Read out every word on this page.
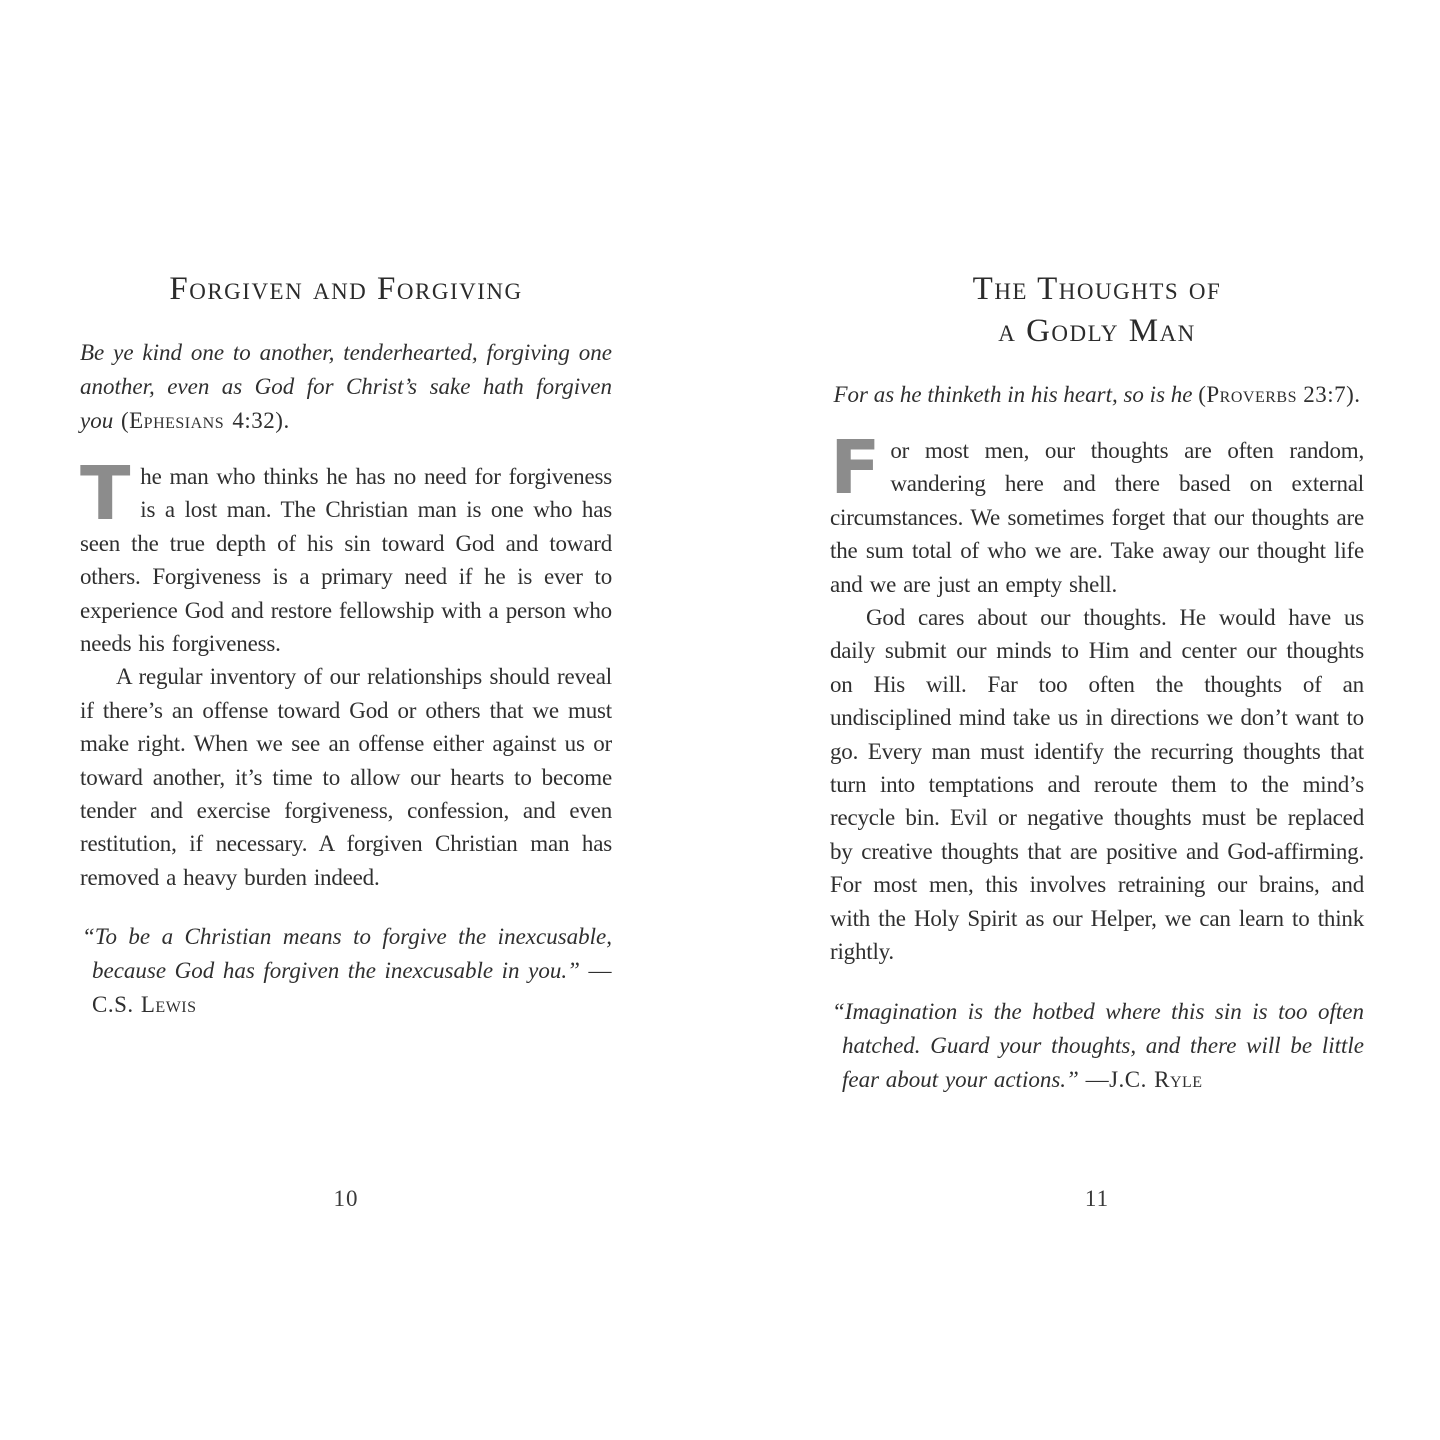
Forgiven and Forgiving

Be ye kind one to another, tenderhearted, forgiving one another, even as God for Christ’s sake hath forgiven you (Ephesians 4:32).

The man who thinks he has no need for forgiveness is a lost man. The Christian man is one who has seen the true depth of his sin toward God and toward others. Forgiveness is a primary need if he is ever to experience God and restore fellowship with a person who needs his forgiveness.

A regular inventory of our relationships should reveal if there’s an offense toward God or others that we must make right. When we see an offense either against us or toward another, it’s time to allow our hearts to become tender and exercise forgiveness, confession, and even restitution, if necessary. A forgiven Christian man has removed a heavy burden indeed.

“To be a Christian means to forgive the inexcusable, because God has forgiven the inexcusable in you.” —C.S. Lewis

10
The Thoughts of
a Godly Man

For as he thinketh in his heart, so is he (Proverbs 23:7).

For most men, our thoughts are often random, wandering here and there based on external circumstances. We sometimes forget that our thoughts are the sum total of who we are. Take away our thought life and we are just an empty shell.

God cares about our thoughts. He would have us daily submit our minds to Him and center our thoughts on His will. Far too often the thoughts of an undisciplined mind take us in directions we don’t want to go. Every man must identify the recurring thoughts that turn into temptations and reroute them to the mind’s recycle bin. Evil or negative thoughts must be replaced by creative thoughts that are positive and God-affirming. For most men, this involves retraining our brains, and with the Holy Spirit as our Helper, we can learn to think rightly.

“Imagination is the hotbed where this sin is too often hatched. Guard your thoughts, and there will be little fear about your actions.” —J.C. Ryle

11
